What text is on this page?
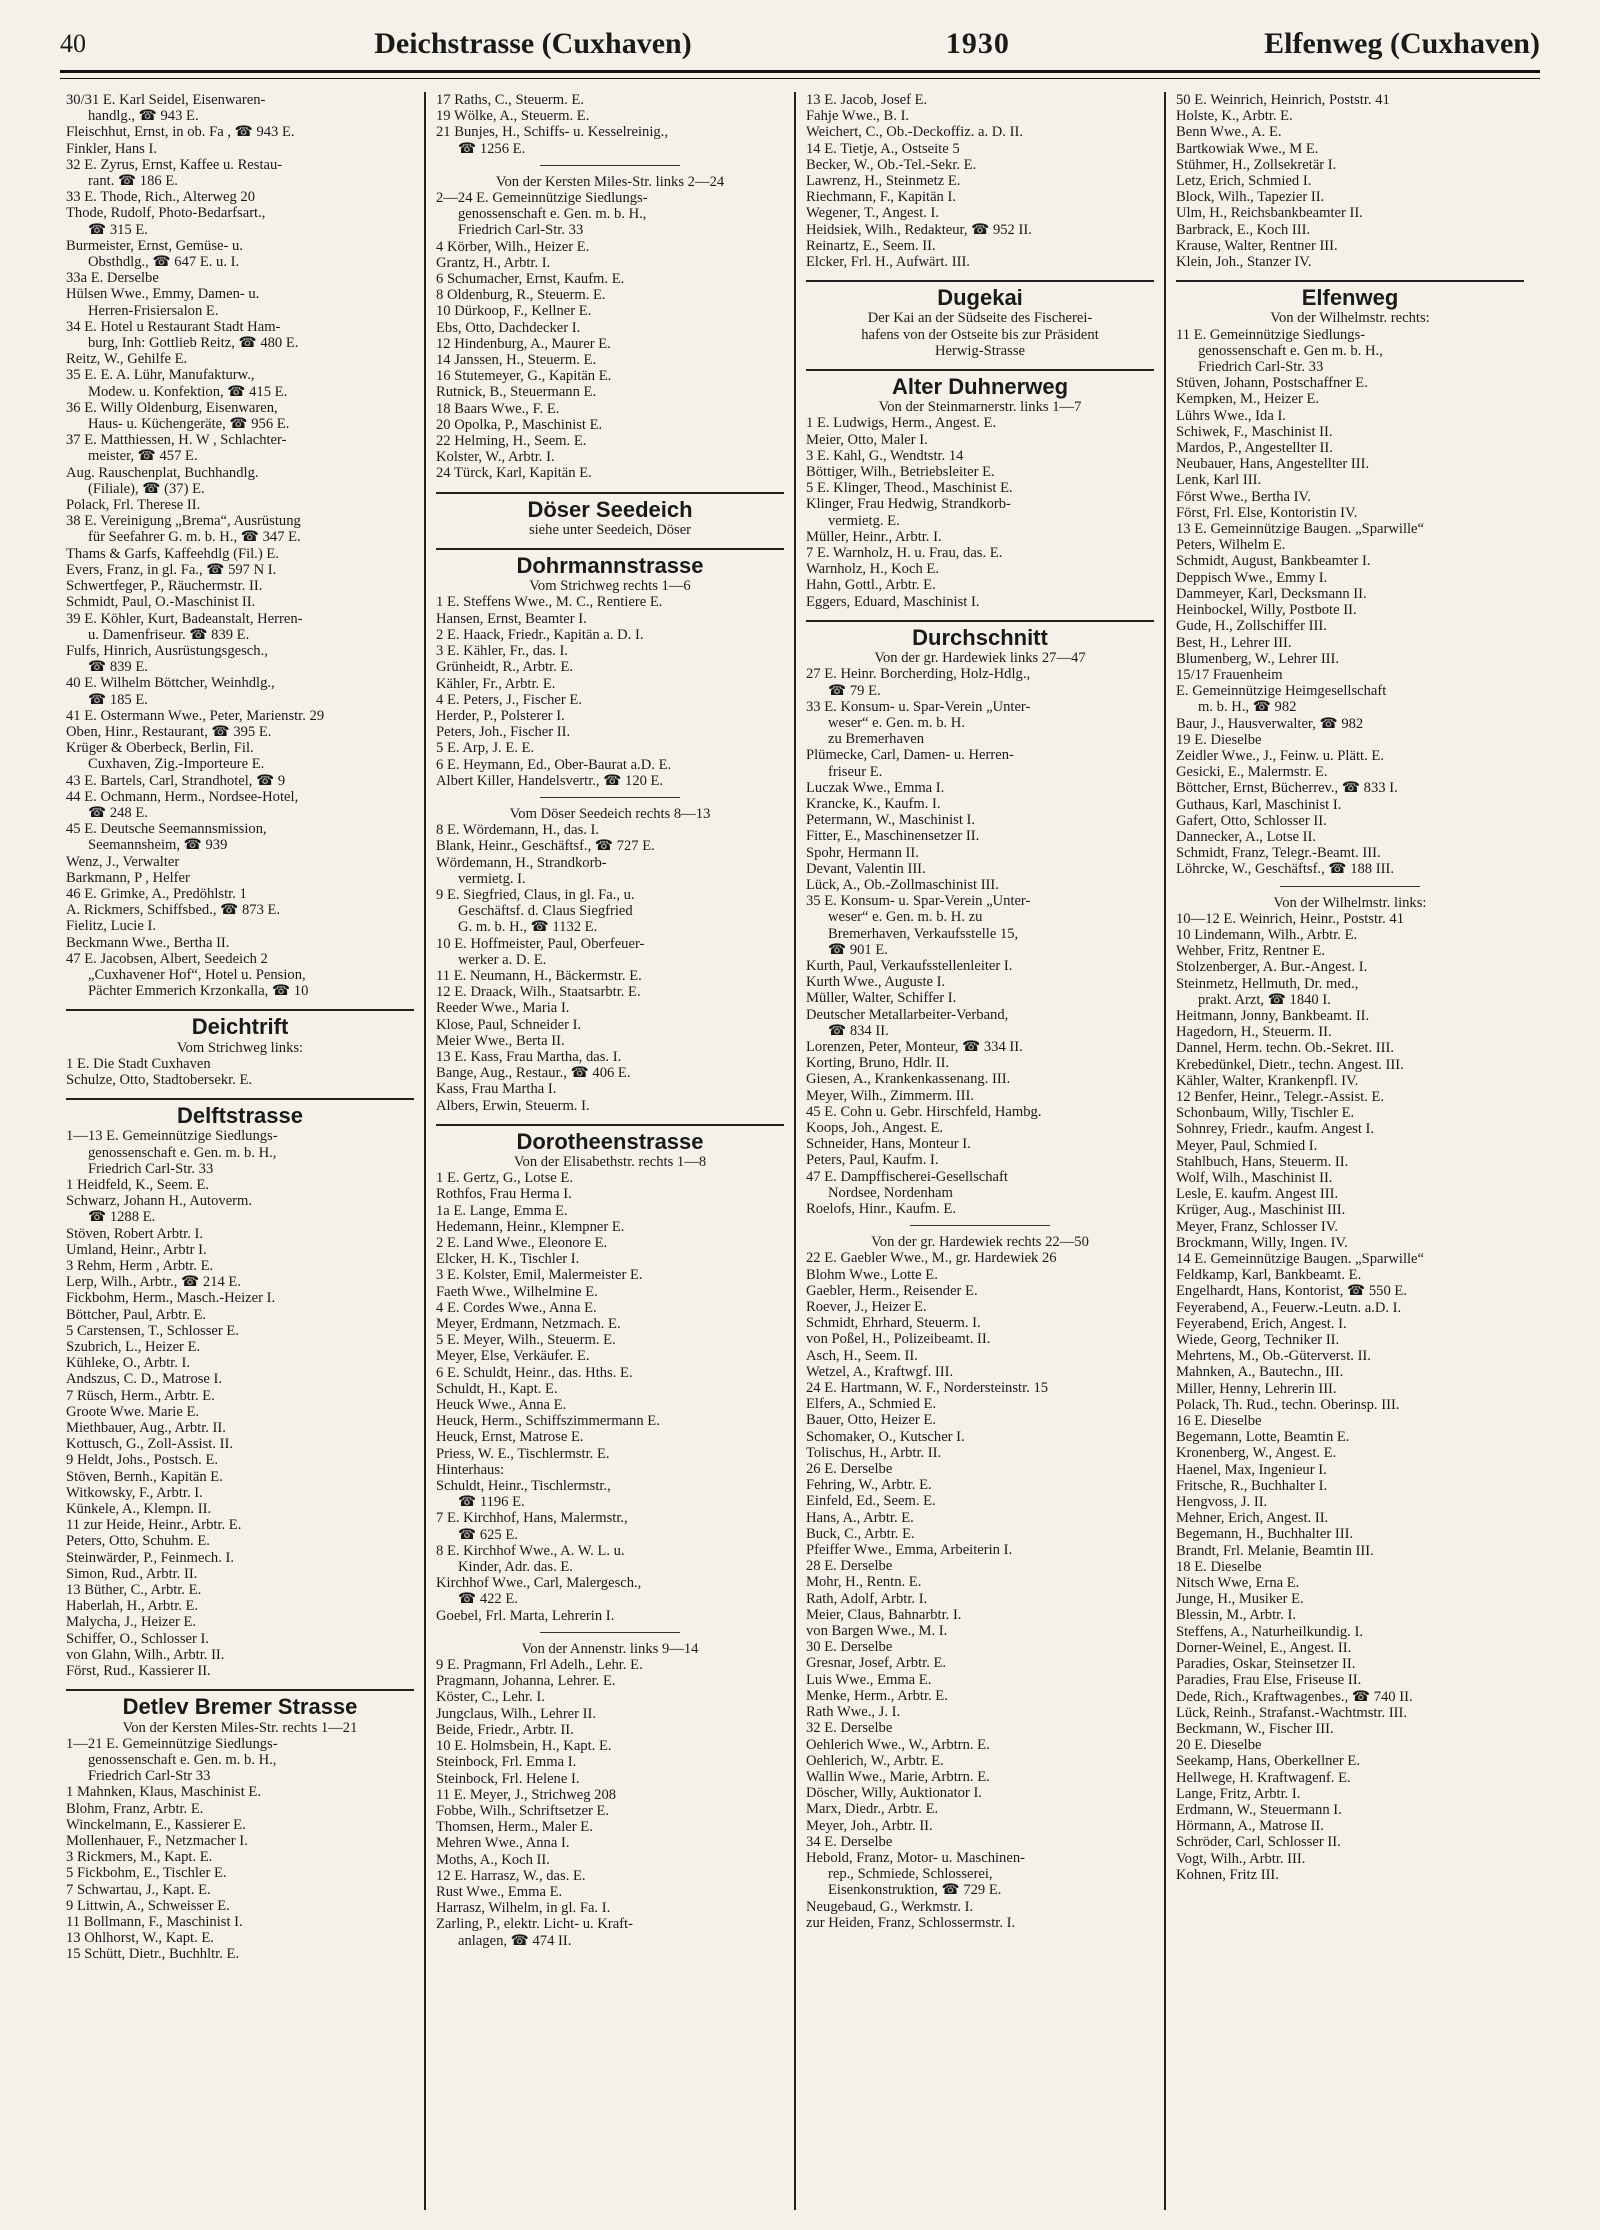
40	Deichstrasse (Cuxhaven)	1930	Elfenweg (Cuxhaven)
30/31 E. Karl Seidel, Eisenwaren-
handlg., ☎ 943 E.
Fleischhut, Ernst, in ob. Fa , ☎ 943 E.
Finkler, Hans I.
32 E. Zyrus, Ernst, Kaffee u. Restau-
rant. ☎ 186 E.
33 E. Thode, Rich., Alterweg 20
Thode, Rudolf, Photo-Bedarfsart.,
☎ 315 E.
Burmeister, Ernst, Gemüse- u.
Obsthdlg., ☎ 647 E. u. I.
33a E. Derselbe
Hülsen Wwe., Emmy, Damen- u.
Herren-Frisiersalon E.
34 E. Hotel u Restaurant Stadt Ham-
burg, Inh: Gottlieb Reitz, ☎ 480 E.
Reitz, W., Gehilfe E.
35 E. E. A. Lühr, Manufakturw.,
Modew. u. Konfektion, ☎ 415 E.
36 E. Willy Oldenburg, Eisenwaren,
Haus- u. Küchengeräte, ☎ 956 E.
37 E. Matthiessen, H. W , Schlachter-
meister, ☎ 457 E.
Aug. Rauschenplat, Buchhandlg.
(Filiale), ☎ (37) E.
Polack, Frl. Therese II.
38 E. Vereinigung „Brema“, Ausrüstung
für Seefahrer G. m. b. H., ☎ 347 E.
Thams & Garfs, Kaffeehdlg (Fil.) E.
Evers, Franz, in gl. Fa., ☎ 597 N I.
Schwertfeger, P., Räuchermstr. II.
Schmidt, Paul, O.-Maschinist II.
39 E. Köhler, Kurt, Badeanstalt, Herren-
u. Damenfriseur. ☎ 839 E.
Fulfs, Hinrich, Ausrüstungsgesch.,
☎ 839 E.
40 E. Wilhelm Böttcher, Weinhdlg.,
☎ 185 E.
41 E. Ostermann Wwe., Peter, Marienstr. 29
Oben, Hinr., Restaurant, ☎ 395 E.
Krüger & Oberbeck, Berlin, Fil.
Cuxhaven, Zig.-Importeure E.
43 E. Bartels, Carl, Strandhotel, ☎ 9
44 E. Ochmann, Herm., Nordsee-Hotel,
☎ 248 E.
45 E. Deutsche Seemannsmission,
Seemannsheim, ☎ 939
Wenz, J., Verwalter
Barkmann, P , Helfer
46 E. Grimke, A., Predöhlstr. 1
A. Rickmers, Schiffsbed., ☎ 873 E.
Fielitz, Lucie I.
Beckmann Wwe., Bertha II.
47 E. Jacobsen, Albert, Seedeich 2
„Cuxhavener Hof“, Hotel u. Pension,
Pächter Emmerich Krzonkalla, ☎ 10
Deichtrift
Vom Strichweg links:
1 E. Die Stadt Cuxhaven
Schulze, Otto, Stadtobersekr. E.
Delftstrasse
1—13 E. Gemeinnützige Siedlungs-
genossenschaft e. Gen. m. b. H.,
Friedrich Carl-Str. 33
1 Heidfeld, K., Seem. E.
Schwarz, Johann H., Autoverm.
☎ 1288 E.
Stöven, Robert Arbtr. I.
Umland, Heinr., Arbtr I.
3 Rehm, Herm , Arbtr. E.
Lerp, Wilh., Arbtr., ☎ 214 E.
Fickbohm, Herm., Masch.-Heizer I.
Böttcher, Paul, Arbtr. E.
5 Carstensen, T., Schlosser E.
Szubrich, L., Heizer E.
Kühleke, O., Arbtr. I.
Andszus, C. D., Matrose I.
7 Rüsch, Herm., Arbtr. E.
Groote Wwe. Marie E.
Miethbauer, Aug., Arbtr. II.
Kottusch, G., Zoll-Assist. II.
9 Heldt, Johs., Postsch. E.
Stöven, Bernh., Kapitän E.
Witkowsky, F., Arbtr. I.
Künkele, A., Klempn. II.
11 zur Heide, Heinr., Arbtr. E.
Peters, Otto, Schuhm. E.
Steinwärder, P., Feinmech. I.
Simon, Rud., Arbtr. II.
13 Büther, C., Arbtr. E.
Haberlah, H., Arbtr. E.
Malycha, J., Heizer E.
Schiffer, O., Schlosser I.
von Glahn, Wilh., Arbtr. II.
Först, Rud., Kassierer II.
Detlev Bremer Strasse
Von der Kersten Miles-Str. rechts 1—21
1—21 E. Gemeinnützige Siedlungs-
genossenschaft e. Gen. m. b. H.,
Friedrich Carl-Str 33
1 Mahnken, Klaus, Maschinist E.
Blohm, Franz, Arbtr. E.
Winckelmann, E., Kassierer E.
Mollenhauer, F., Netzmacher I.
3 Rickmers, M., Kapt. E.
5 Fickbohm, E., Tischler E.
7 Schwartau, J., Kapt. E.
9 Littwin, A., Schweisser E.
11 Bollmann, F., Maschinist I.
13 Ohlhorst, W., Kapt. E.
15 Schütt, Dietr., Buchhltr. E.
17 Raths, C., Steuerm. E.
19 Wölke, A., Steuerm. E.
21 Bunjes, H., Schiffs- u. Kesselreinig.,
☎ 1256 E.
Von der Kersten Miles-Str. links 2—24
2—24 E. Gemeinnützige Siedlungs-
genossenschaft e. Gen. m. b. H.,
Friedrich Carl-Str. 33
4 Körber, Wilh., Heizer E.
Grantz, H., Arbtr. I.
6 Schumacher, Ernst, Kaufm. E.
8 Oldenburg, R., Steuerm. E.
10 Dürkoop, F., Kellner E.
Ebs, Otto, Dachdecker I.
12 Hindenburg, A., Maurer E.
14 Janssen, H., Steuerm. E.
16 Stutemeyer, G., Kapitän E.
Rutnick, B., Steuermann E.
18 Baars Wwe., F. E.
20 Opolka, P., Maschinist E.
22 Helming, H., Seem. E.
Kolster, W., Arbtr. I.
24 Türck, Karl, Kapitän E.
Döser Seedeich
siehe unter Seedeich, Döser
Dohrmannstrasse
Vom Strichweg rechts 1—6
1 E. Steffens Wwe., M. C., Rentiere E.
Hansen, Ernst, Beamter I.
2 E. Haack, Friedr., Kapitän a. D. I.
3 E. Kähler, Fr., das. I.
Grünheidt, R., Arbtr. E.
Kähler, Fr., Arbtr. E.
4 E. Peters, J., Fischer E.
Herder, P., Polsterer I.
Peters, Joh., Fischer II.
5 E. Arp, J. E. E.
6 E. Heymann, Ed., Ober-Baurat a.D. E.
Albert Killer, Handelsvertr., ☎ 120 E.
Vom Döser Seedeich rechts 8—13
8 E. Wördemann, H., das. I.
Blank, Heinr., Geschäftsf., ☎ 727 E.
Wördemann, H., Strandkorb-
vermietg. I.
9 E. Siegfried, Claus, in gl. Fa., u.
Geschäftsf. d. Claus Siegfried
G. m. b. H., ☎ 1132 E.
10 E. Hoffmeister, Paul, Oberfeuer-
werker a. D. E.
11 E. Neumann, H., Bäckermstr. E.
12 E. Draack, Wilh., Staatsarbtr. E.
Reeder Wwe., Maria I.
Klose, Paul, Schneider I.
Meier Wwe., Berta II.
13 E. Kass, Frau Martha, das. I.
Bange, Aug., Restaur., ☎ 406 E.
Kass, Frau Martha I.
Albers, Erwin, Steuerm. I.
Dorotheenstrasse
Von der Elisabethstr. rechts 1—8
1 E. Gertz, G., Lotse E.
Rothfos, Frau Herma I.
1a E. Lange, Emma E.
Hedemann, Heinr., Klempner E.
2 E. Land Wwe., Eleonore E.
Elcker, H. K., Tischler I.
3 E. Kolster, Emil, Malermeister E.
Faeth Wwe., Wilhelmine E.
4 E. Cordes Wwe., Anna E.
Meyer, Erdmann, Netzmach. E.
5 E. Meyer, Wilh., Steuerm. E.
Meyer, Else, Verkäufer. E.
6 E. Schuldt, Heinr., das. Hths. E.
Schuldt, H., Kapt. E.
Heuck Wwe., Anna E.
Heuck, Herm., Schiffszimmermann E.
Heuck, Ernst, Matrose E.
Priess, W. E., Tischlermstr. E.
Hinterhaus:
Schuldt, Heinr., Tischlermstr.,
☎ 1196 E.
7 E. Kirchhof, Hans, Malermstr.,
☎ 625 E.
8 E. Kirchhof Wwe., A. W. L. u.
Kinder, Adr. das. E.
Kirchhof Wwe., Carl, Malergesch.,
☎ 422 E.
Goebel, Frl. Marta, Lehrerin I.
Von der Annenstr. links 9—14
9 E. Pragmann, Frl Adelh., Lehr. E.
Pragmann, Johanna, Lehrer. E.
Köster, C., Lehr. I.
Jungclaus, Wilh., Lehrer II.
Beide, Friedr., Arbtr. II.
10 E. Holmsbein, H., Kapt. E.
Steinbock, Frl. Emma I.
Steinbock, Frl. Helene I.
11 E. Meyer, J., Strichweg 208
Fobbe, Wilh., Schriftsetzer E.
Thomsen, Herm., Maler E.
Mehren Wwe., Anna I.
Moths, A., Koch II.
12 E. Harrasz, W., das. E.
Rust Wwe., Emma E.
Harrasz, Wilhelm, in gl. Fa. I.
Zarling, P., elektr. Licht- u. Kraft-
anlagen, ☎ 474 II.
13 E. Jacob, Josef E.
Fahje Wwe., B. I.
Weichert, C., Ob.-Deckoffiz. a. D. II.
14 E. Tietje, A., Ostseite 5
Becker, W., Ob.-Tel.-Sekr. E.
Lawrenz, H., Steinmetz E.
Riechmann, F., Kapitän I.
Wegener, T., Angest. I.
Heidsiek, Wilh., Redakteur, ☎ 952 II.
Reinartz, E., Seem. II.
Elcker, Frl. H., Aufwärt. III.
Dugekai
Der Kai an der Südseite des Fischerei-
hafens von der Ostseite bis zur Präsident
Herwig-Strasse
Alter Duhnerweg
Von der Steinmarnerstr. links 1—7
1 E. Ludwigs, Herm., Angest. E.
Meier, Otto, Maler I.
3 E. Kahl, G., Wendtstr. 14
Böttiger, Wilh., Betriebsleiter E.
5 E. Klinger, Theod., Maschinist E.
Klinger, Frau Hedwig, Strandkorb-
vermietg. E.
Müller, Heinr., Arbtr. I.
7 E. Warnholz, H. u. Frau, das. E.
Warnholz, H., Koch E.
Hahn, Gottl., Arbtr. E.
Eggers, Eduard, Maschinist I.
Durchschnitt
Von der gr. Hardewiek links 27—47
27 E. Heinr. Borcherding, Holz-Hdlg.,
☎ 79 E.
33 E. Konsum- u. Spar-Verein „Unter-
weser“ e. Gen. m. b. H.
zu Bremerhaven
Plümecke, Carl, Damen- u. Herren-
friseur E.
Luczak Wwe., Emma I.
Krancke, K., Kaufm. I.
Petermann, W., Maschinist I.
Fitter, E., Maschinensetzer II.
Spohr, Hermann II.
Devant, Valentin III.
Lück, A., Ob.-Zollmaschinist III.
35 E. Konsum- u. Spar-Verein „Unter-
weser“ e. Gen. m. b. H. zu
Bremerhaven, Verkaufsstelle 15,
☎ 901 E.
Kurth, Paul, Verkaufsstellenleiter I.
Kurth Wwe., Auguste I.
Müller, Walter, Schiffer I.
Deutscher Metallarbeiter-Verband,
☎ 834 II.
Lorenzen, Peter, Monteur, ☎ 334 II.
Korting, Bruno, Hdlr. II.
Giesen, A., Krankenkassenang. III.
Meyer, Wilh., Zimmerm. III.
45 E. Cohn u. Gebr. Hirschfeld, Hambg.
Koops, Joh., Angest. E.
Schneider, Hans, Monteur I.
Peters, Paul, Kaufm. I.
47 E. Dampffischerei-Gesellschaft
Nordsee, Nordenham
Roelofs, Hinr., Kaufm. E.
Von der gr. Hardewiek rechts 22—50
22 E. Gaebler Wwe., M., gr. Hardewiek 26
Blohm Wwe., Lotte E.
Gaebler, Herm., Reisender E.
Roever, J., Heizer E.
Schmidt, Ehrhard, Steuerm. I.
von Poßel, H., Polizeibeamt. II.
Asch, H., Seem. II.
Wetzel, A., Kraftwgf. III.
24 E. Hartmann, W. F., Nordersteinstr. 15
Elfers, A., Schmied E.
Bauer, Otto, Heizer E.
Schomaker, O., Kutscher I.
Tolischus, H., Arbtr. II.
26 E. Derselbe
Fehring, W., Arbtr. E.
Einfeld, Ed., Seem. E.
Hans, A., Arbtr. E.
Buck, C., Arbtr. E.
Pfeiffer Wwe., Emma, Arbeiterin I.
28 E. Derselbe
Mohr, H., Rentn. E.
Rath, Adolf, Arbtr. I.
Meier, Claus, Bahnarbtr. I.
von Bargen Wwe., M. I.
30 E. Derselbe
Gresnar, Josef, Arbtr. E.
Luis Wwe., Emma E.
Menke, Herm., Arbtr. E.
Rath Wwe., J. I.
32 E. Derselbe
Oehlerich Wwe., W., Arbtrn. E.
Oehlerich, W., Arbtr. E.
Wallin Wwe., Marie, Arbtrn. E.
Döscher, Willy, Auktionator I.
Marx, Diedr., Arbtr. E.
Meyer, Joh., Arbtr. II.
34 E. Derselbe
Hebold, Franz, Motor- u. Maschinen-
rep., Schmiede, Schlosserei,
Eisenkonstruktion, ☎ 729 E.
Neugebaud, G., Werkmstr. I.
zur Heiden, Franz, Schlossermstr. I.
50 E. Weinrich, Heinrich, Poststr. 41
Holste, K., Arbtr. E.
Benn Wwe., A. E.
Bartkowiak Wwe., M E.
Stühmer, H., Zollsekretär I.
Letz, Erich, Schmied I.
Block, Wilh., Tapezier II.
Ulm, H., Reichsbankbeamter II.
Barbrack, E., Koch III.
Krause, Walter, Rentner III.
Klein, Joh., Stanzer IV.
Elfenweg
Von der Wilhelmstr. rechts:
11 E. Gemeinnützige Siedlungs-
genossenschaft e. Gen m. b. H.,
Friedrich Carl-Str. 33
Stüven, Johann, Postschaffner E.
Kempken, M., Heizer E.
Lührs Wwe., Ida I.
Schiwek, F., Maschinist II.
Mardos, P., Angestellter II.
Neubauer, Hans, Angestellter III.
Lenk, Karl III.
Först Wwe., Bertha IV.
Först, Frl. Else, Kontoristin IV.
13 E. Gemeinnützige Baugen. „Sparwille“
Peters, Wilhelm E.
Schmidt, August, Bankbeamter I.
Deppisch Wwe., Emmy I.
Dammeyer, Karl, Decksmann II.
Heinbockel, Willy, Postbote II.
Gude, H., Zollschiffer III.
Best, H., Lehrer III.
Blumenberg, W., Lehrer III.
15/17 Frauenheim
E. Gemeinnützige Heimgesellschaft
m. b. H., ☎ 982
Baur, J., Hausverwalter, ☎ 982
19 E. Dieselbe
Zeidler Wwe., J., Feinw. u. Plätt. E.
Gesicki, E., Malermstr. E.
Böttcher, Ernst, Bücherrev., ☎ 833 I.
Guthaus, Karl, Maschinist I.
Gafert, Otto, Schlosser II.
Dannecker, A., Lotse II.
Schmidt, Franz, Telegr.-Beamt. III.
Löhrcke, W., Geschäftsf., ☎ 188 III.
Von der Wilhelmstr. links:
10—12 E. Weinrich, Heinr., Poststr. 41
10 Lindemann, Wilh., Arbtr. E.
Wehber, Fritz, Rentner E.
Stolzenberger, A. Bur.-Angest. I.
Steinmetz, Hellmuth, Dr. med.,
prakt. Arzt, ☎ 1840 I.
Heitmann, Jonny, Bankbeamt. II.
Hagedorn, H., Steuerm. II.
Dannel, Herm. techn. Ob.-Sekret. III.
Krebedünkel, Dietr., techn. Angest. III.
Kähler, Walter, Krankenpfl. IV.
12 Benfer, Heinr., Telegr.-Assist. E.
Schonbaum, Willy, Tischler E.
Sohnrey, Friedr., kaufm. Angest I.
Meyer, Paul, Schmied I.
Stahlbuch, Hans, Steuerm. II.
Wolf, Wilh., Maschinist II.
Lesle, E. kaufm. Angest III.
Krüger, Aug., Maschinist III.
Meyer, Franz, Schlosser IV.
Brockmann, Willy, Ingen. IV.
14 E. Gemeinnützige Baugen. „Sparwille“
Feldkamp, Karl, Bankbeamt. E.
Engelhardt, Hans, Kontorist, ☎ 550 E.
Feyerabend, A., Feuerw.-Leutn. a.D. I.
Feyerabend, Erich, Angest. I.
Wiede, Georg, Techniker II.
Mehrtens, M., Ob.-Güterverst. II.
Mahnken, A., Bautechn., III.
Miller, Henny, Lehrerin III.
Polack, Th. Rud., techn. Oberinsp. III.
16 E. Dieselbe
Begemann, Lotte, Beamtin E.
Kronenberg, W., Angest. E.
Haenel, Max, Ingenieur I.
Fritsche, R., Buchhalter I.
Hengvoss, J. II.
Mehner, Erich, Angest. II.
Begemann, H., Buchhalter III.
Brandt, Frl. Melanie, Beamtin III.
18 E. Dieselbe
Nitsch Wwe, Erna E.
Junge, H., Musiker E.
Blessin, M., Arbtr. I.
Steffens, A., Naturheilkundig. I.
Dorner-Weinel, E., Angest. II.
Paradies, Oskar, Steinsetzer II.
Paradies, Frau Else, Friseuse II.
Dede, Rich., Kraftwagenbes., ☎ 740 II.
Lück, Reinh., Strafanst.-Wachtmstr. III.
Beckmann, W., Fischer III.
20 E. Dieselbe
Seekamp, Hans, Oberkellner E.
Hellwege, H. Kraftwagenf. E.
Lange, Fritz, Arbtr. I.
Erdmann, W., Steuermann I.
Hörmann, A., Matrose II.
Schröder, Carl, Schlosser II.
Vogt, Wilh., Arbtr. III.
Kohnen, Fritz III.
